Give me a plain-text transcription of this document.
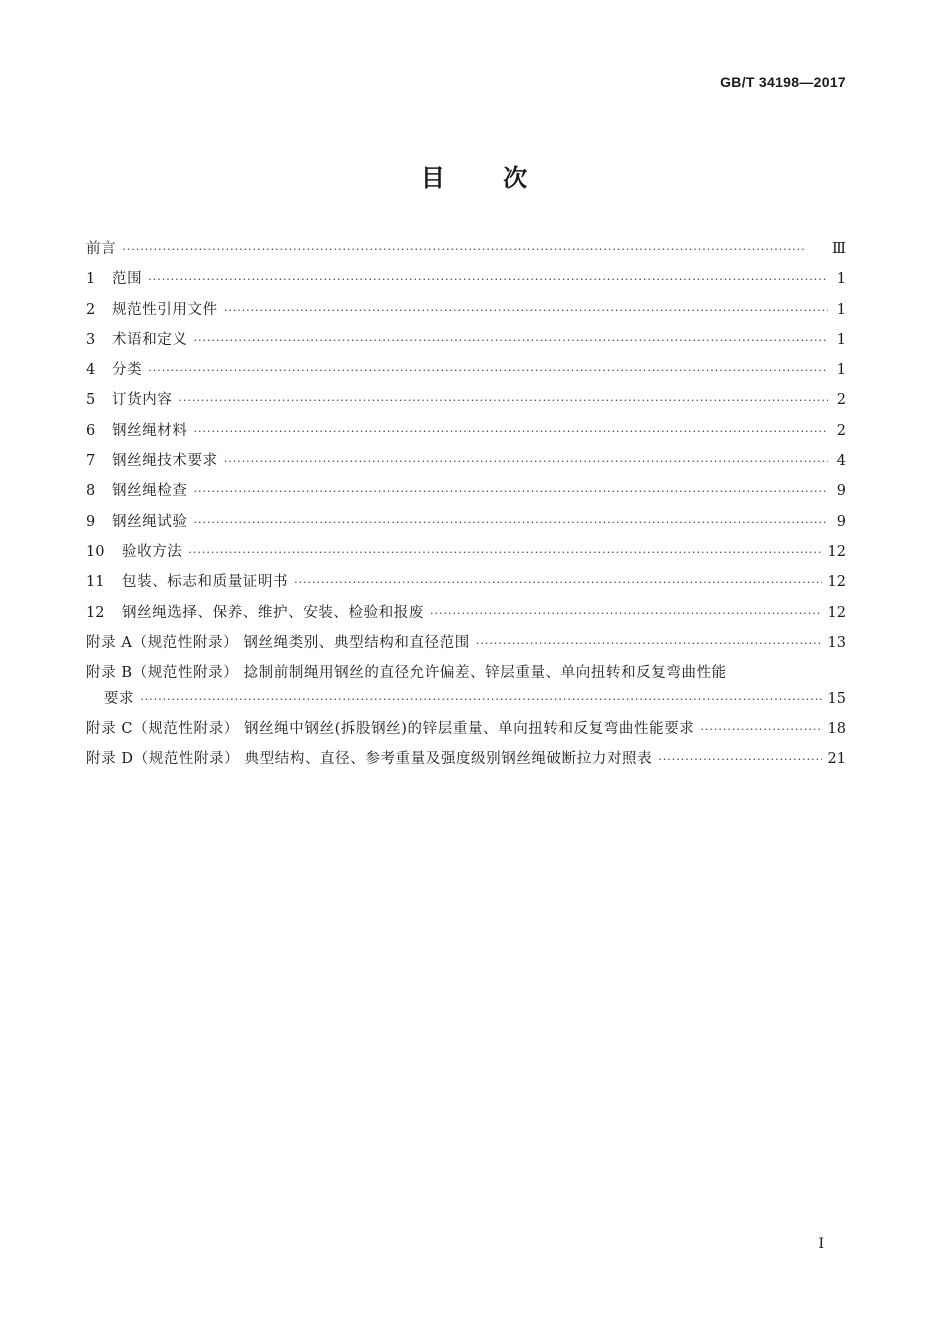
GB/T 34198—2017
目 次
前言 ·····	Ⅲ
1	范围 ·····	1
2	规范性引用文件 ·····	1
3	术语和定义 ·····	1
4	分类 ·····	1
5	订货内容 ·····	2
6	钢丝绳材料 ·····	2
7	钢丝绳技术要求 ·····	4
8	钢丝绳检查 ·····	9
9	钢丝绳试验 ·····	9
10	验收方法 ·····	12
11	包装、标志和质量证明书 ·····	12
12	钢丝绳选择、保养、维护、安装、检验和报废 ·····	12
附录 A（规范性附录） 钢丝绳类别、典型结构和直径范围 ·····	13
附录 B（规范性附录） 捻制前制绳用钢丝的直径允许偏差、锌层重量、单向扭转和反复弯曲性能
要求 ·····	15
附录 C（规范性附录） 钢丝绳中钢丝(拆股钢丝)的锌层重量、单向扭转和反复弯曲性能要求 ·····	18
附录 D（规范性附录） 典型结构、直径、参考重量及强度级别钢丝绳破断拉力对照表 ·····	21
I
